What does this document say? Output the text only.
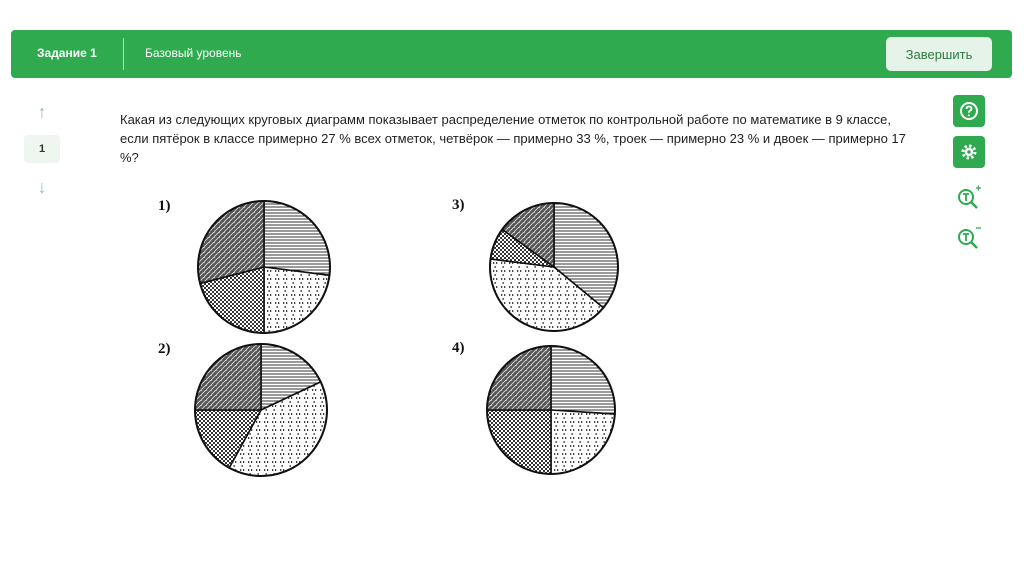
Задание 1	Базовый уровень	Завершить
↑
1
↓
Какая из следующих круговых диаграмм показывает распределение отметок по контрольной работе по математике в 9 классе, если пятёрок в классе примерно 27 % всех отметок, четвёрок — примерно 33 %, троек — примерно 23 % и двоек — примерно 17 %?
1)	3)
2)	4)
